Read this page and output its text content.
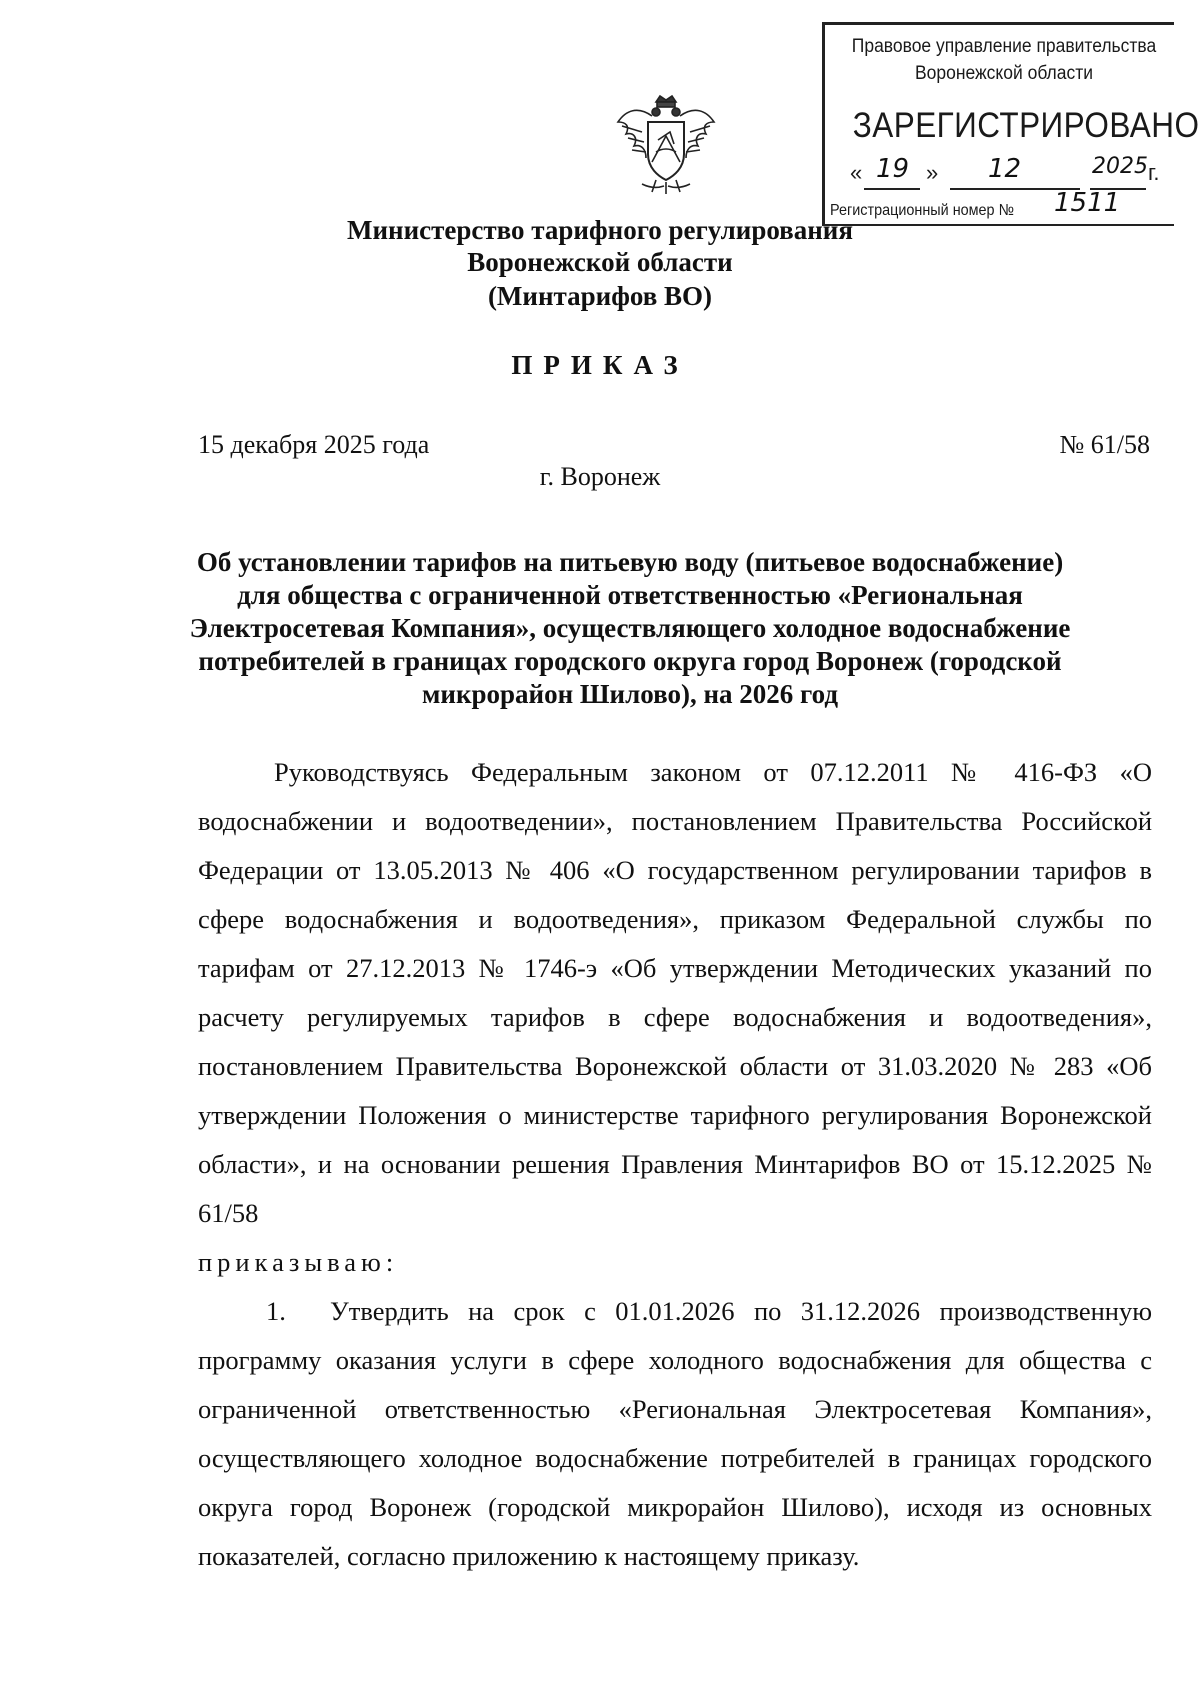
Правовое управление правительства
Воронежской области
ЗАРЕГИСТРИРОВАНО
« 19 » 12	2025 г.
Регистрационный номер № 1511
Министерство тарифного регулирования
Воронежской области
(Минтарифов ВО)
ПРИКАЗ
15 декабря 2025 года	№ 61/58
г. Воронеж
Об установлении тарифов на питьевую воду (питьевое водоснабжение) для общества с ограниченной ответственностью «Региональная Электросетевая Компания», осуществляющего холодное водоснабжение потребителей в границах городского округа город Воронеж (городской микрорайон Шилово), на 2026 год

Руководствуясь Федеральным законом от 07.12.2011 № 416-ФЗ «О водоснабжении и водоотведении», постановлением Правительства Российской Федерации от 13.05.2013 № 406 «О государственном регулировании тарифов в сфере водоснабжения и водоотведения», приказом Федеральной службы по тарифам от 27.12.2013 № 1746-э «Об утверждении Методических указаний по расчету регулируемых тарифов в сфере водоснабжения и водоотведения», постановлением Правительства Воронежской области от 31.03.2020 № 283 «Об утверждении Положения о министерстве тарифного регулирования Воронежской области», и на основании решения Правления Минтарифов ВО от 15.12.2025 № 61/58

приказываю:

1. Утвердить на срок с 01.01.2026 по 31.12.2026 производственную программу оказания услуги в сфере холодного водоснабжения для общества с ограниченной ответственностью «Региональная Электросетевая Компания», осуществляющего холодное водоснабжение потребителей в границах городского округа город Воронеж (городской микрорайон Шилово), исходя из основных показателей, согласно приложению к настоящему приказу.
